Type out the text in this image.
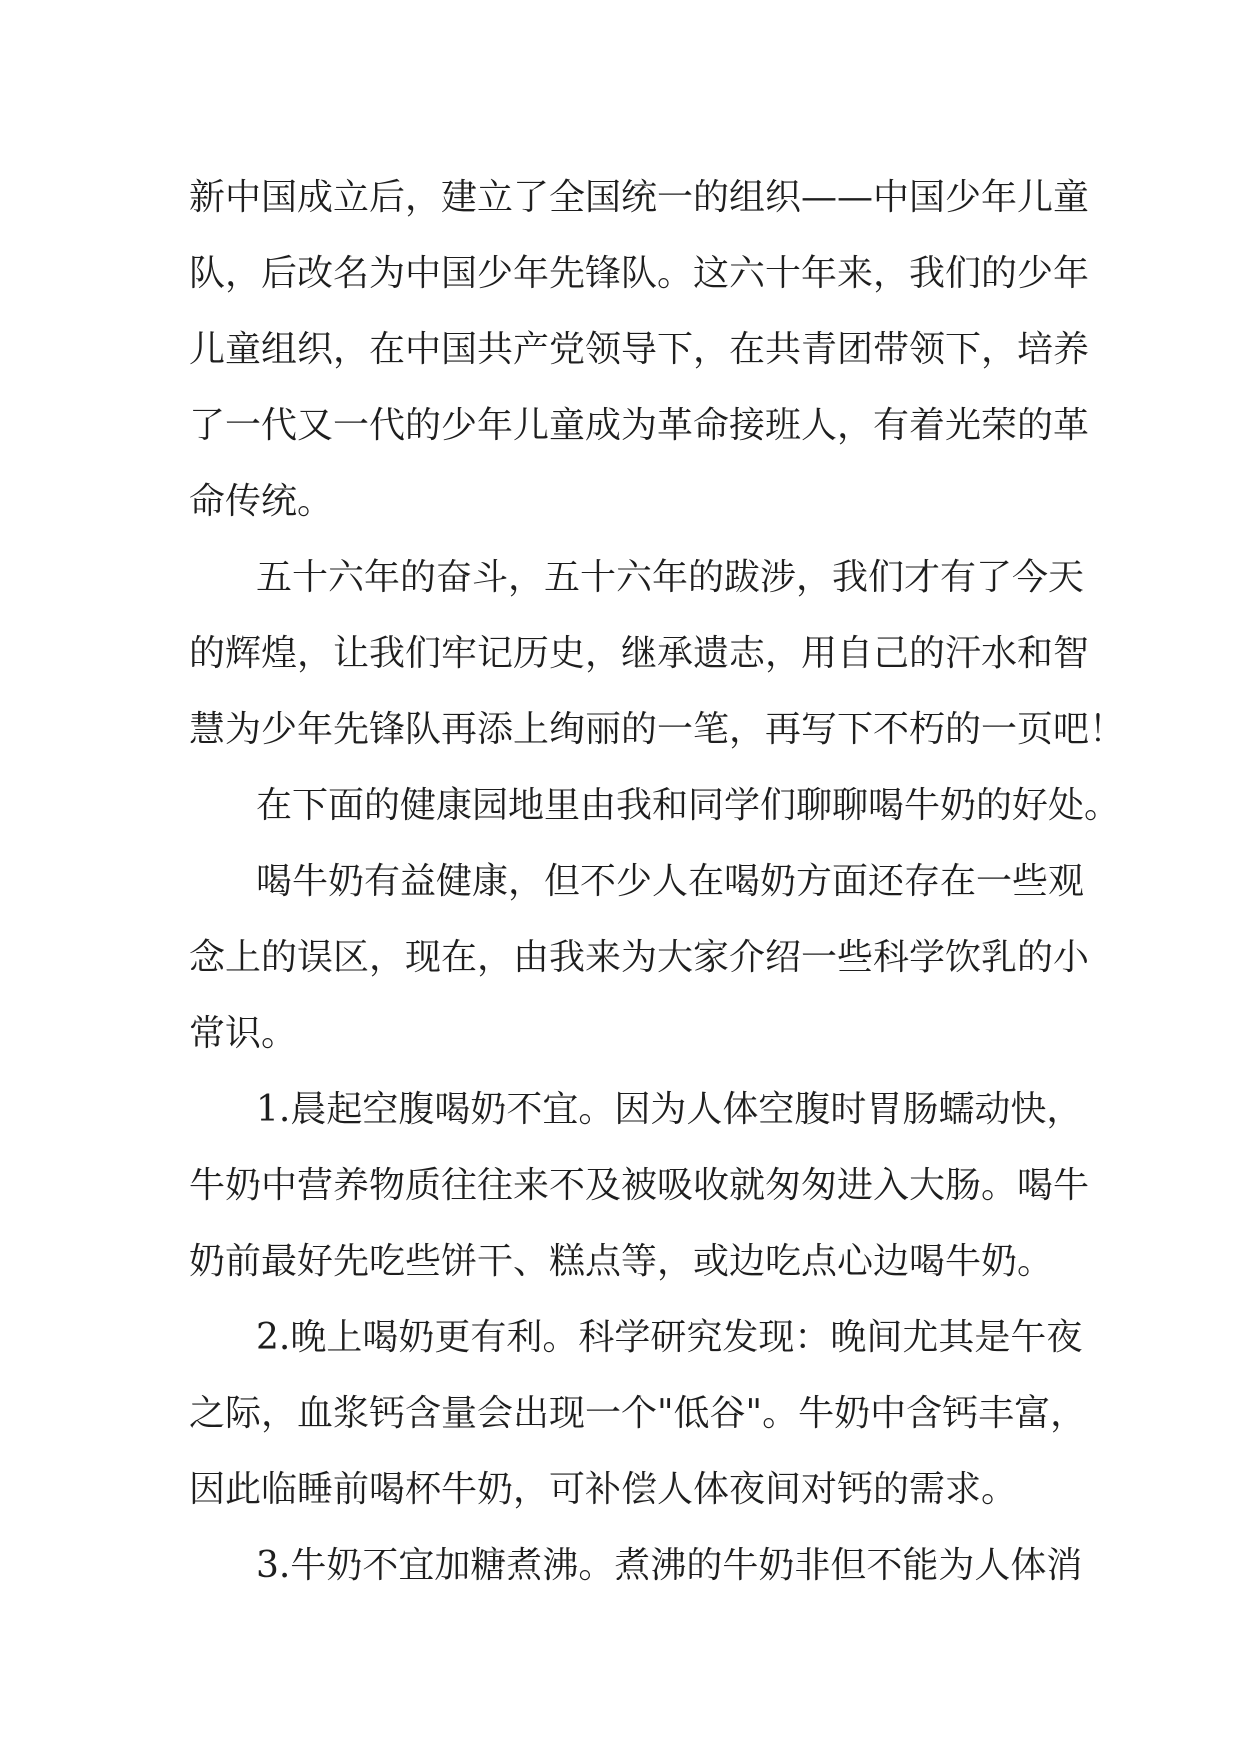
新中国成立后，建立了全国统一的组织——中国少年儿童

队，后改名为中国少年先锋队。这六十年来，我们的少年

儿童组织，在中国共产党领导下，在共青团带领下，培养

了一代又一代的少年儿童成为革命接班人，有着光荣的革

命传统。

五十六年的奋斗，五十六年的跋涉，我们才有了今天

的辉煌，让我们牢记历史，继承遗志，用自己的汗水和智

慧为少年先锋队再添上绚丽的一笔，再写下不朽的一页吧！

在下面的健康园地里由我和同学们聊聊喝牛奶的好处。

喝牛奶有益健康，但不少人在喝奶方面还存在一些观

念上的误区，现在，由我来为大家介绍一些科学饮乳的小

常识。

1.晨起空腹喝奶不宜。因为人体空腹时胃肠蠕动快，

牛奶中营养物质往往来不及被吸收就匆匆进入大肠。喝牛

奶前最好先吃些饼干、糕点等，或边吃点心边喝牛奶。

2.晚上喝奶更有利。科学研究发现：晚间尤其是午夜

之际，血浆钙含量会出现一个"低谷"。牛奶中含钙丰富，

因此临睡前喝杯牛奶，可补偿人体夜间对钙的需求。

3.牛奶不宜加糖煮沸。煮沸的牛奶非但不能为人体消
